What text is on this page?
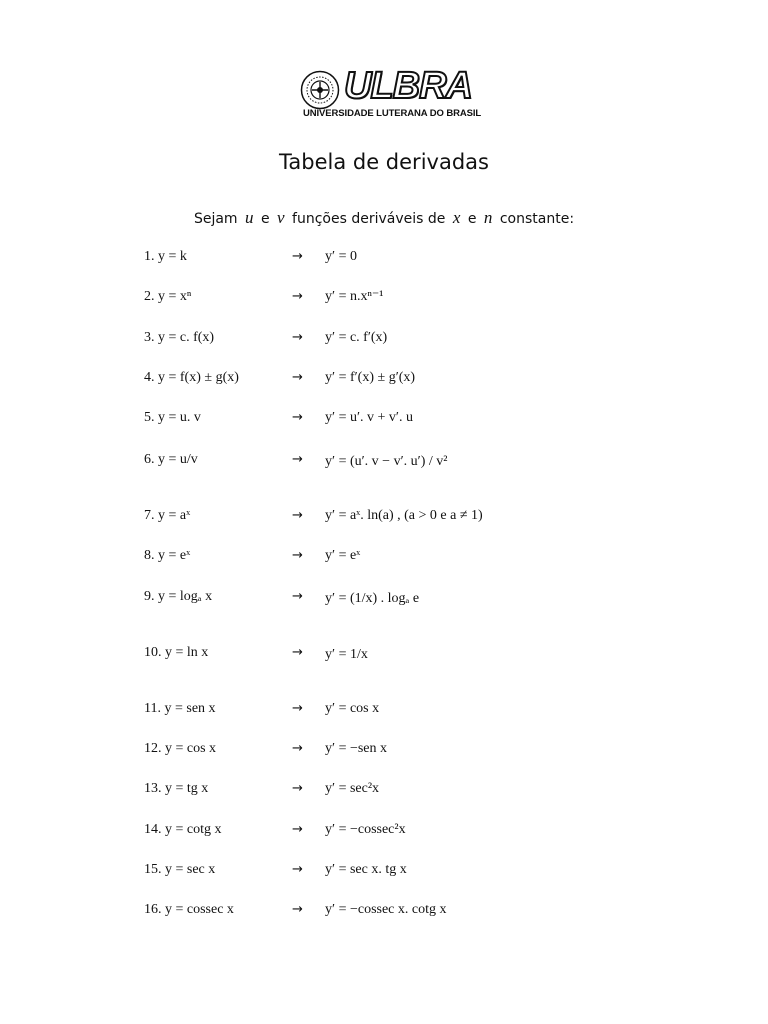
ULBRA
UNIVERSIDADE LUTERANA DO BRASIL
Tabela de derivadas
Sejam u e v funções deriváveis de x e n constante:
1. y = k	→ y′ = 0
2. y = xⁿ	→ y′ = n.xⁿ⁻¹
3. y = c. f(x)	→ y′ = c. f′(x)
4. y = f(x) ± g(x)	→ y′ = f′(x) ± g′(x)
5. y = u. v	→ y′ = u′. v + v′. u
6. y = u/v	→ y′ = (u′. v − v′. u′) / v²
7. y = aˣ	→ y′ = aˣ. ln(a) , (a > 0 e a ≠ 1)
8. y = eˣ	→ y′ = eˣ
9. y = logₐ x	→ y′ = (1/x) . logₐ e
10. y = ln x	→ y′ = 1/x
11. y = sen x	→ y′ = cos x
12. y = cos x	→ y′ = −sen x
13. y = tg x	→ y′ = sec²x
14. y = cotg x	→ y′ = −cossec²x
15. y = sec x	→ y′ = sec x. tg x
16. y = cossec x	→ y′ = −cossec x. cotg x
